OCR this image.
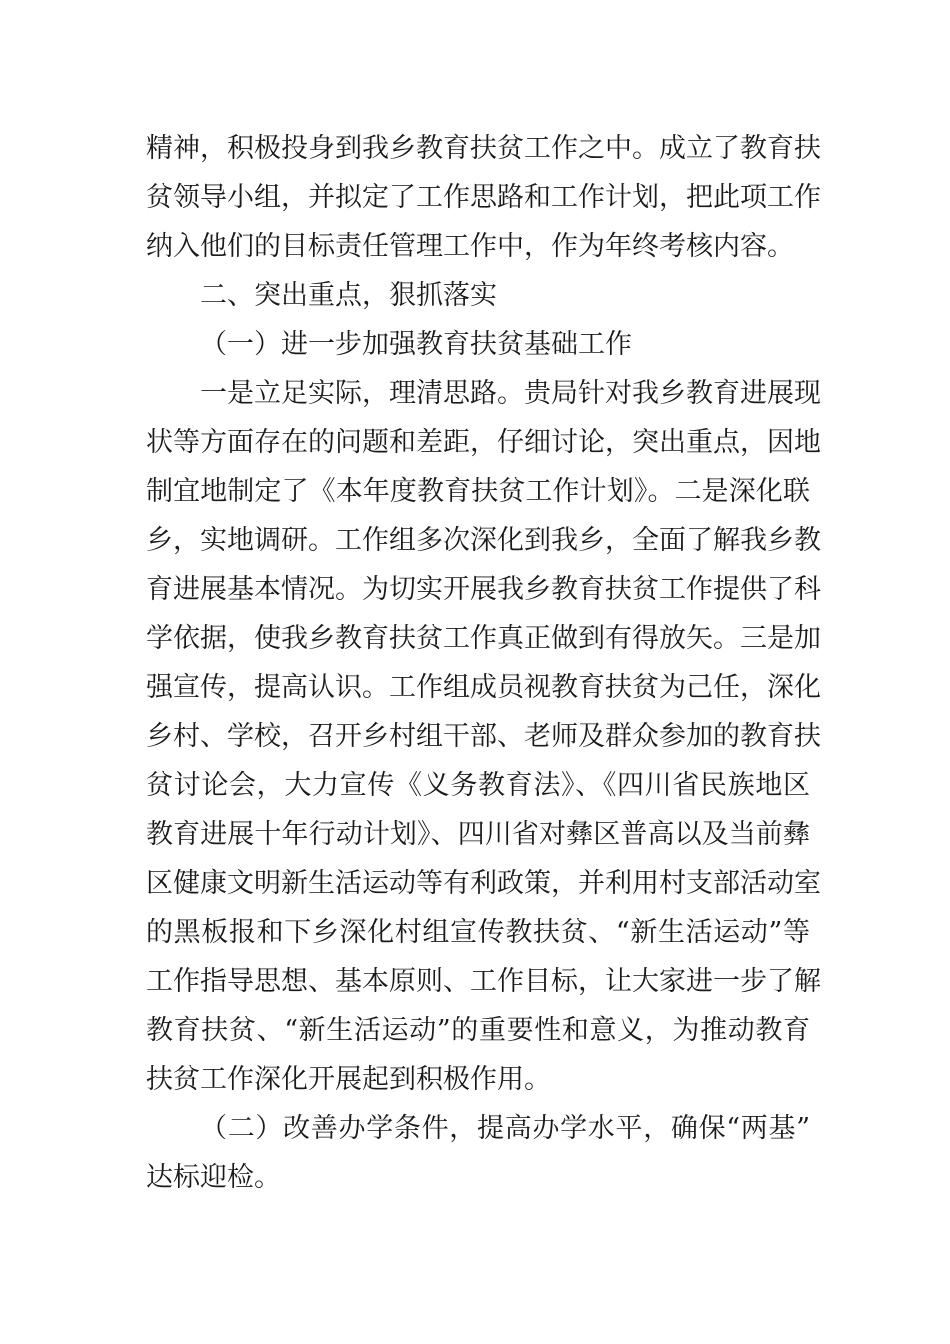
精神，积极投身到我乡教育扶贫工作之中。成立了教育扶
贫领导小组，并拟定了工作思路和工作计划，把此项工作
纳入他们的目标责任管理工作中，作为年终考核内容。
二、突出重点，狠抓落实
（一）进一步加强教育扶贫基础工作
一是立足实际，理清思路。贵局针对我乡教育进展现
状等方面存在的问题和差距，仔细讨论，突出重点，因地
制宜地制定了《本年度教育扶贫工作计划》。二是深化联
乡，实地调研。工作组多次深化到我乡，全面了解我乡教
育进展基本情况。为切实开展我乡教育扶贫工作提供了科
学依据，使我乡教育扶贫工作真正做到有得放矢。三是加
强宣传，提高认识。工作组成员视教育扶贫为己任，深化
乡村、学校，召开乡村组干部、老师及群众参加的教育扶
贫讨论会，大力宣传《义务教育法》、《四川省民族地区
教育进展十年行动计划》、四川省对彝区普高以及当前彝
区健康文明新生活运动等有利政策，并利用村支部活动室
的黑板报和下乡深化村组宣传教扶贫、“新生活运动”等
工作指导思想、基本原则、工作目标，让大家进一步了解
教育扶贫、“新生活运动”的重要性和意义，为推动教育
扶贫工作深化开展起到积极作用。
（二）改善办学条件，提高办学水平，确保“两基”
达标迎检。
